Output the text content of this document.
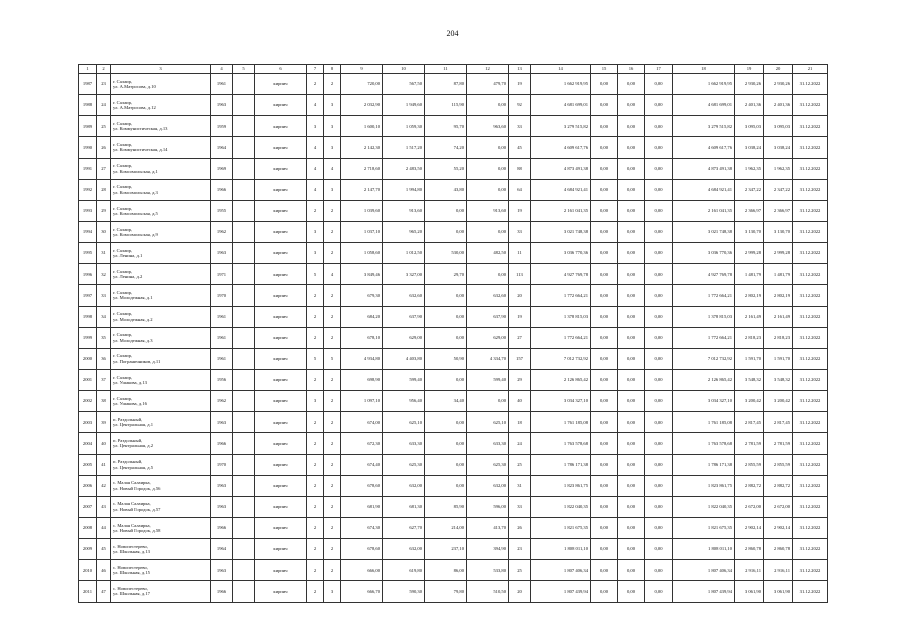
204
1	2	3	4	5	6	7	8	9	10	11	12	13	14	15	16	17	18	19	20	21
1987	23	г. Салаир,
ул. А.Матросова, д.10	1961		кирпич	2	2	720,00	567,50	87,80	479,70	19	1 662 919,95	0,00	0,00	0,00	1 662 919,95	2 930,26	2 930,26	31.12.2022
1988	24	г. Салаир,
ул. А.Матросова, д.12	1963		кирпич	4	3	2 032,90	1 949,60	115,90	0,00	92	4 681 699,01	0,00	0,00	0,00	4 681 699,01	2 401,36	2 401,36	31.12.2022
1989	25	г. Салаир,
ул. Коммунистическая, д.13	1959		кирпич	3	3	1 600,10	1 059,30	95,70	963,60	33	3 279 515,82	0,00	0,00	0,00	3 279 515,82	3 095,03	3 095,03	31.12.2022
1990	26	г. Салаир,
ул. Коммунистическая, д.14	1964		кирпич	4	3	2 142,30	1 517,20	74,20	0,00	45	4 609 617,76	0,00	0,00	0,00	4 609 617,76	3 038,24	3 038,24	31.12.2022
1991	27	г. Салаир,
ул. Комсомольская, д.1	1969		кирпич	4	4	2 718,60	2 483,50	55,20	0,00	88	4 873 491,38	0,00	0,00	0,00	4 873 491,38	1 962,35	1 962,35	31.12.2022
1992	28	г. Салаир,
ул. Комсомольская, д.3	1966		кирпич	4	3	2 147,70	1 994,80	43,80	0,00	64	4 684 921,41	0,00	0,00	0,00	4 684 921,41	2 347,22	2 347,22	31.12.2022
1993	29	г. Салаир,
ул. Комсомольская, д.5	1955		кирпич	2	2	1 039,60	913,60	0,00	913,60	19	2 161 041,35	0,00	0,00	0,00	2 161 041,35	2 366,97	2 366,97	31.12.2022
1994	30	г. Салаир,
ул. Комсомольская, д.9	1962		кирпич	3	2	1 037,10	965,20	0,00	0,00	33	3 021 748,38	0,00	0,00	0,00	3 021 748,38	3 130,70	3 130,70	31.12.2022
1995	31	г. Салаир,
ул. Ленина, д.1	1963		кирпич	3	2	1 058,60	1 012,50	530,00	482,50	11	3 036 770,36	0,00	0,00	0,00	3 036 770,36	2 999,28	2 999,28	31.12.2022
1996	32	г. Салаир,
ул. Ленина, д.2	1971		кирпич	5	4	3 849,46	3 327,00	29,70	0,00	113	4 927 769,78	0,00	0,00	0,00	4 927 769,78	1 481,79	1 481,79	31.12.2022
1997	33	г. Салаир,
ул. Молодежная, д.1	1970		кирпич	2	2	679,30	632,60	0,00	632,60	20	1 772 664,21	0,00	0,00	0,00	1 772 664,21	2 802,19	2 802,19	31.12.2022
1998	34	г. Салаир,
ул. Молодежная, д.2	1961		кирпич	2	2	684,20	637,90	0,00	637,90	19	1 378 815,03	0,00	0,00	0,00	1 378 815,03	2 161,49	2 161,49	31.12.2022
1999	35	г. Салаир,
ул. Молодежная, д.3	1961		кирпич	2	2	678,10	629,00	0,00	629,00	27	1 772 664,21	0,00	0,00	0,00	1 772 664,21	2 818,23	2 818,23	31.12.2022
2000	36	г. Салаир,
ул. Пограничников, д.11	1961		кирпич	5	5	4 934,80	4 403,80	50,90	4 334,70	157	7 012 732,92	0,00	0,00	0,00	7 012 732,92	1 591,70	1 591,70	31.12.2022
2001	37	г. Салаир,
ул. Ушакова, д.13	1956		кирпич	2	2	698,90	599,40	0,00	599,40	29	2 126 865,42	0,00	0,00	0,00	2 126 865,42	3 548,32	3 548,32	31.12.2022
2002	38	г. Салаир,
ул. Ушакова, д.16	1962		кирпич	3	2	1 097,10	956,40	34,40	0,00	40	3 034 327,10	0,00	0,00	0,00	3 034 327,10	3 200,42	3 200,42	31.12.2022
2003	39	п. Раздольный,
ул. Центральная, д.1	1963		кирпич	2	2	674,00	625,10	0,00	625,10	18	1 761 185,08	0,00	0,00	0,00	1 761 185,08	2 817,45	2 817,45	31.12.2022
2004	40	п. Раздольный,
ул. Центральная, д.2	1966		кирпич	2	2	672,30	633,30	0,00	633,30	24	1 763 578,68	0,00	0,00	0,00	1 763 578,68	2 781,59	2 781,59	31.12.2022
2005	41	п. Раздольный,
ул. Центральная, д.5	1970		кирпич	2	2	674,40	625,30	0,00	625,30	25	1 786 171,38	0,00	0,00	0,00	1 786 171,38	2 855,59	2 855,59	31.12.2022
2006	42	с. Малая Салаирка,
ул. Новый Городок, д.56	1963		кирпич	2	2	678,60	632,00	0,00	632,00	31	1 823 861,75	0,00	0,00	0,00	1 823 861,75	2 882,72	2 882,72	31.12.2022
2007	43	с. Малая Салаирка,
ул. Новый Городок, д.57	1963		кирпич	2	2	681,90	681,30	85,90	596,00	33	1 822 040,35	0,00	0,00	0,00	1 822 040,35	2 672,00	2 672,00	31.12.2022
2008	44	с. Малая Салаирка,
ул. Новый Городок, д.58	1966		кирпич	2	2	674,30	627,70	214,00	413,70	26	1 821 675,35	0,00	0,00	0,00	1 821 675,35	2 902,14	2 902,14	31.12.2022
2009	45	с. Новопестерево,
ул. Школьная, д.13	1964		кирпич	2	2	678,60	632,00	237,10	394,90	23	1 808 011,10	0,00	0,00	0,00	1 808 011,10	2 860,78	2 860,78	31.12.2022
2010	46	с. Новопестерево,
ул. Школьная, д.15	1963		кирпич	2	2	666,00	619,80	86,00	533,80	25	1 807 406,34	0,00	0,00	0,00	1 807 406,34	2 916,11	2 916,11	31.12.2022
2011	47	с. Новопестерево,
ул. Школьная, д.17	1966		кирпич	2	3	666,70	590,30	79,80	510,50	20	1 807 439,94	0,00	0,00	0,00	1 807 439,94	3 061,90	3 061,90	31.12.2022
